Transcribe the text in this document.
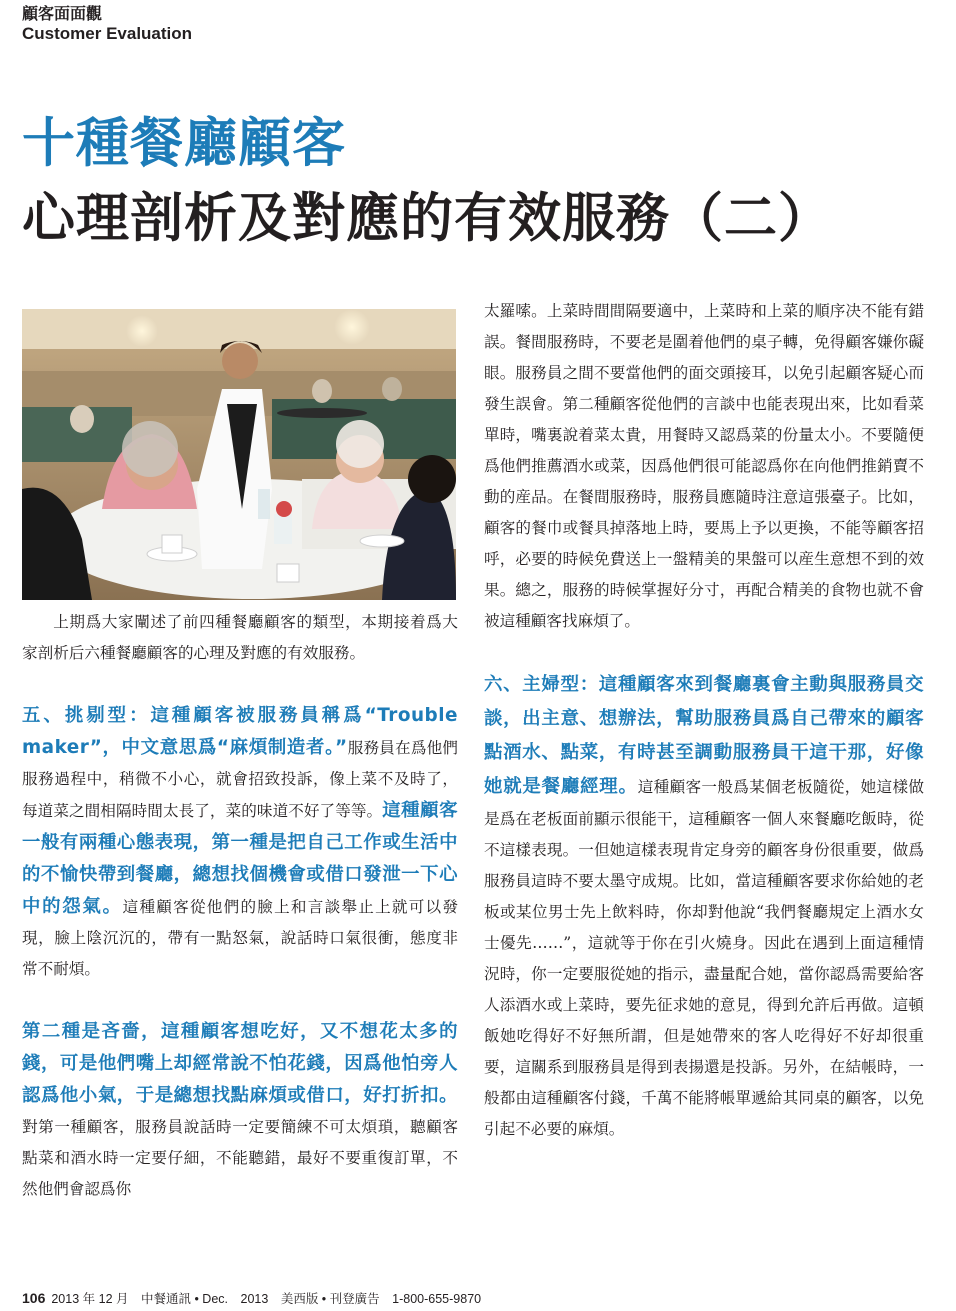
顧客面面觀
Customer Evaluation
十種餐廳顧客
心理剖析及對應的有效服務（二）

上期爲大家闡述了前四種餐廳顧客的類型，本期接着爲大家剖析后六種餐廳顧客的心理及對應的有效服務。

五、挑剔型：這種顧客被服務員稱爲“Trouble maker”，中文意思爲“麻煩制造者。”服務員在爲他們服務過程中，稍微不小心，就會招致投訴，像上菜不及時了，每道菜之間相隔時間太長了，菜的味道不好了等等。這種顧客一般有兩種心態表現，第一種是把自己工作或生活中的不愉快帶到餐廳，總想找個機會或借口發泄一下心中的怨氣。這種顧客從他們的臉上和言談舉止上就可以發現，臉上陰沉沉的，帶有一點怒氣，說話時口氣很衝，態度非常不耐煩。

第二種是吝嗇，這種顧客想吃好，又不想花太多的錢，可是他們嘴上却經常說不怕花錢，因爲他怕旁人認爲他小氣，于是總想找點麻煩或借口，好打折扣。對第一種顧客，服務員說話時一定要簡練不可太煩瑣，聽顧客點菜和酒水時一定要仔細，不能聽錯，最好不要重復訂單，不然他們會認爲你

太羅嗦。上菜時間間隔要適中，上菜時和上菜的順序决不能有錯誤。餐間服務時，不要老是圍着他們的桌子轉，免得顧客嫌你礙眼。服務員之間不要當他們的面交頭接耳，以免引起顧客疑心而發生誤會。第二種顧客從他們的言談中也能表現出來，比如看菜單時，嘴裏說着菜太貴，用餐時又認爲菜的份量太小。不要隨便爲他們推薦酒水或菜，因爲他們很可能認爲你在向他們推銷賣不動的産品。在餐間服務時，服務員應隨時注意這張臺子。比如，顧客的餐巾或餐具掉落地上時，要馬上予以更換，不能等顧客招呼，必要的時候免費送上一盤精美的果盤可以産生意想不到的效果。總之，服務的時候掌握好分寸，再配合精美的食物也就不會被這種顧客找麻煩了。

六、主婦型：這種顧客來到餐廳裏會主動與服務員交談，出主意、想辦法，幫助服務員爲自己帶來的顧客點酒水、點菜，有時甚至調動服務員干這干那，好像她就是餐廳經理。這種顧客一般爲某個老板隨從，她這樣做是爲在老板面前顯示很能干，這種顧客一個人來餐廳吃飯時，從不這樣表現。一但她這樣表現肯定身旁的顧客身份很重要，做爲服務員這時不要太墨守成規。比如，當這種顧客要求你給她的老板或某位男士先上飲料時，你却對他說“我們餐廳規定上酒水女士優先……”，這就等于你在引火燒身。因此在遇到上面這種情況時，你一定要服從她的指示，盡量配合她，當你認爲需要給客人添酒水或上菜時，要先征求她的意見，得到允許后再做。這頓飯她吃得好不好無所謂，但是她帶來的客人吃得好不好却很重要，這關系到服務員是得到表揚還是投訴。另外，在結帳時，一般都由這種顧客付錢，千萬不能將帳單遞給其同桌的顧客，以免引起不必要的麻煩。

106 2013 年 12 月　中餐通訊 • Dec.　2013　美西版 • 刊登廣告　1-800-655-9870
